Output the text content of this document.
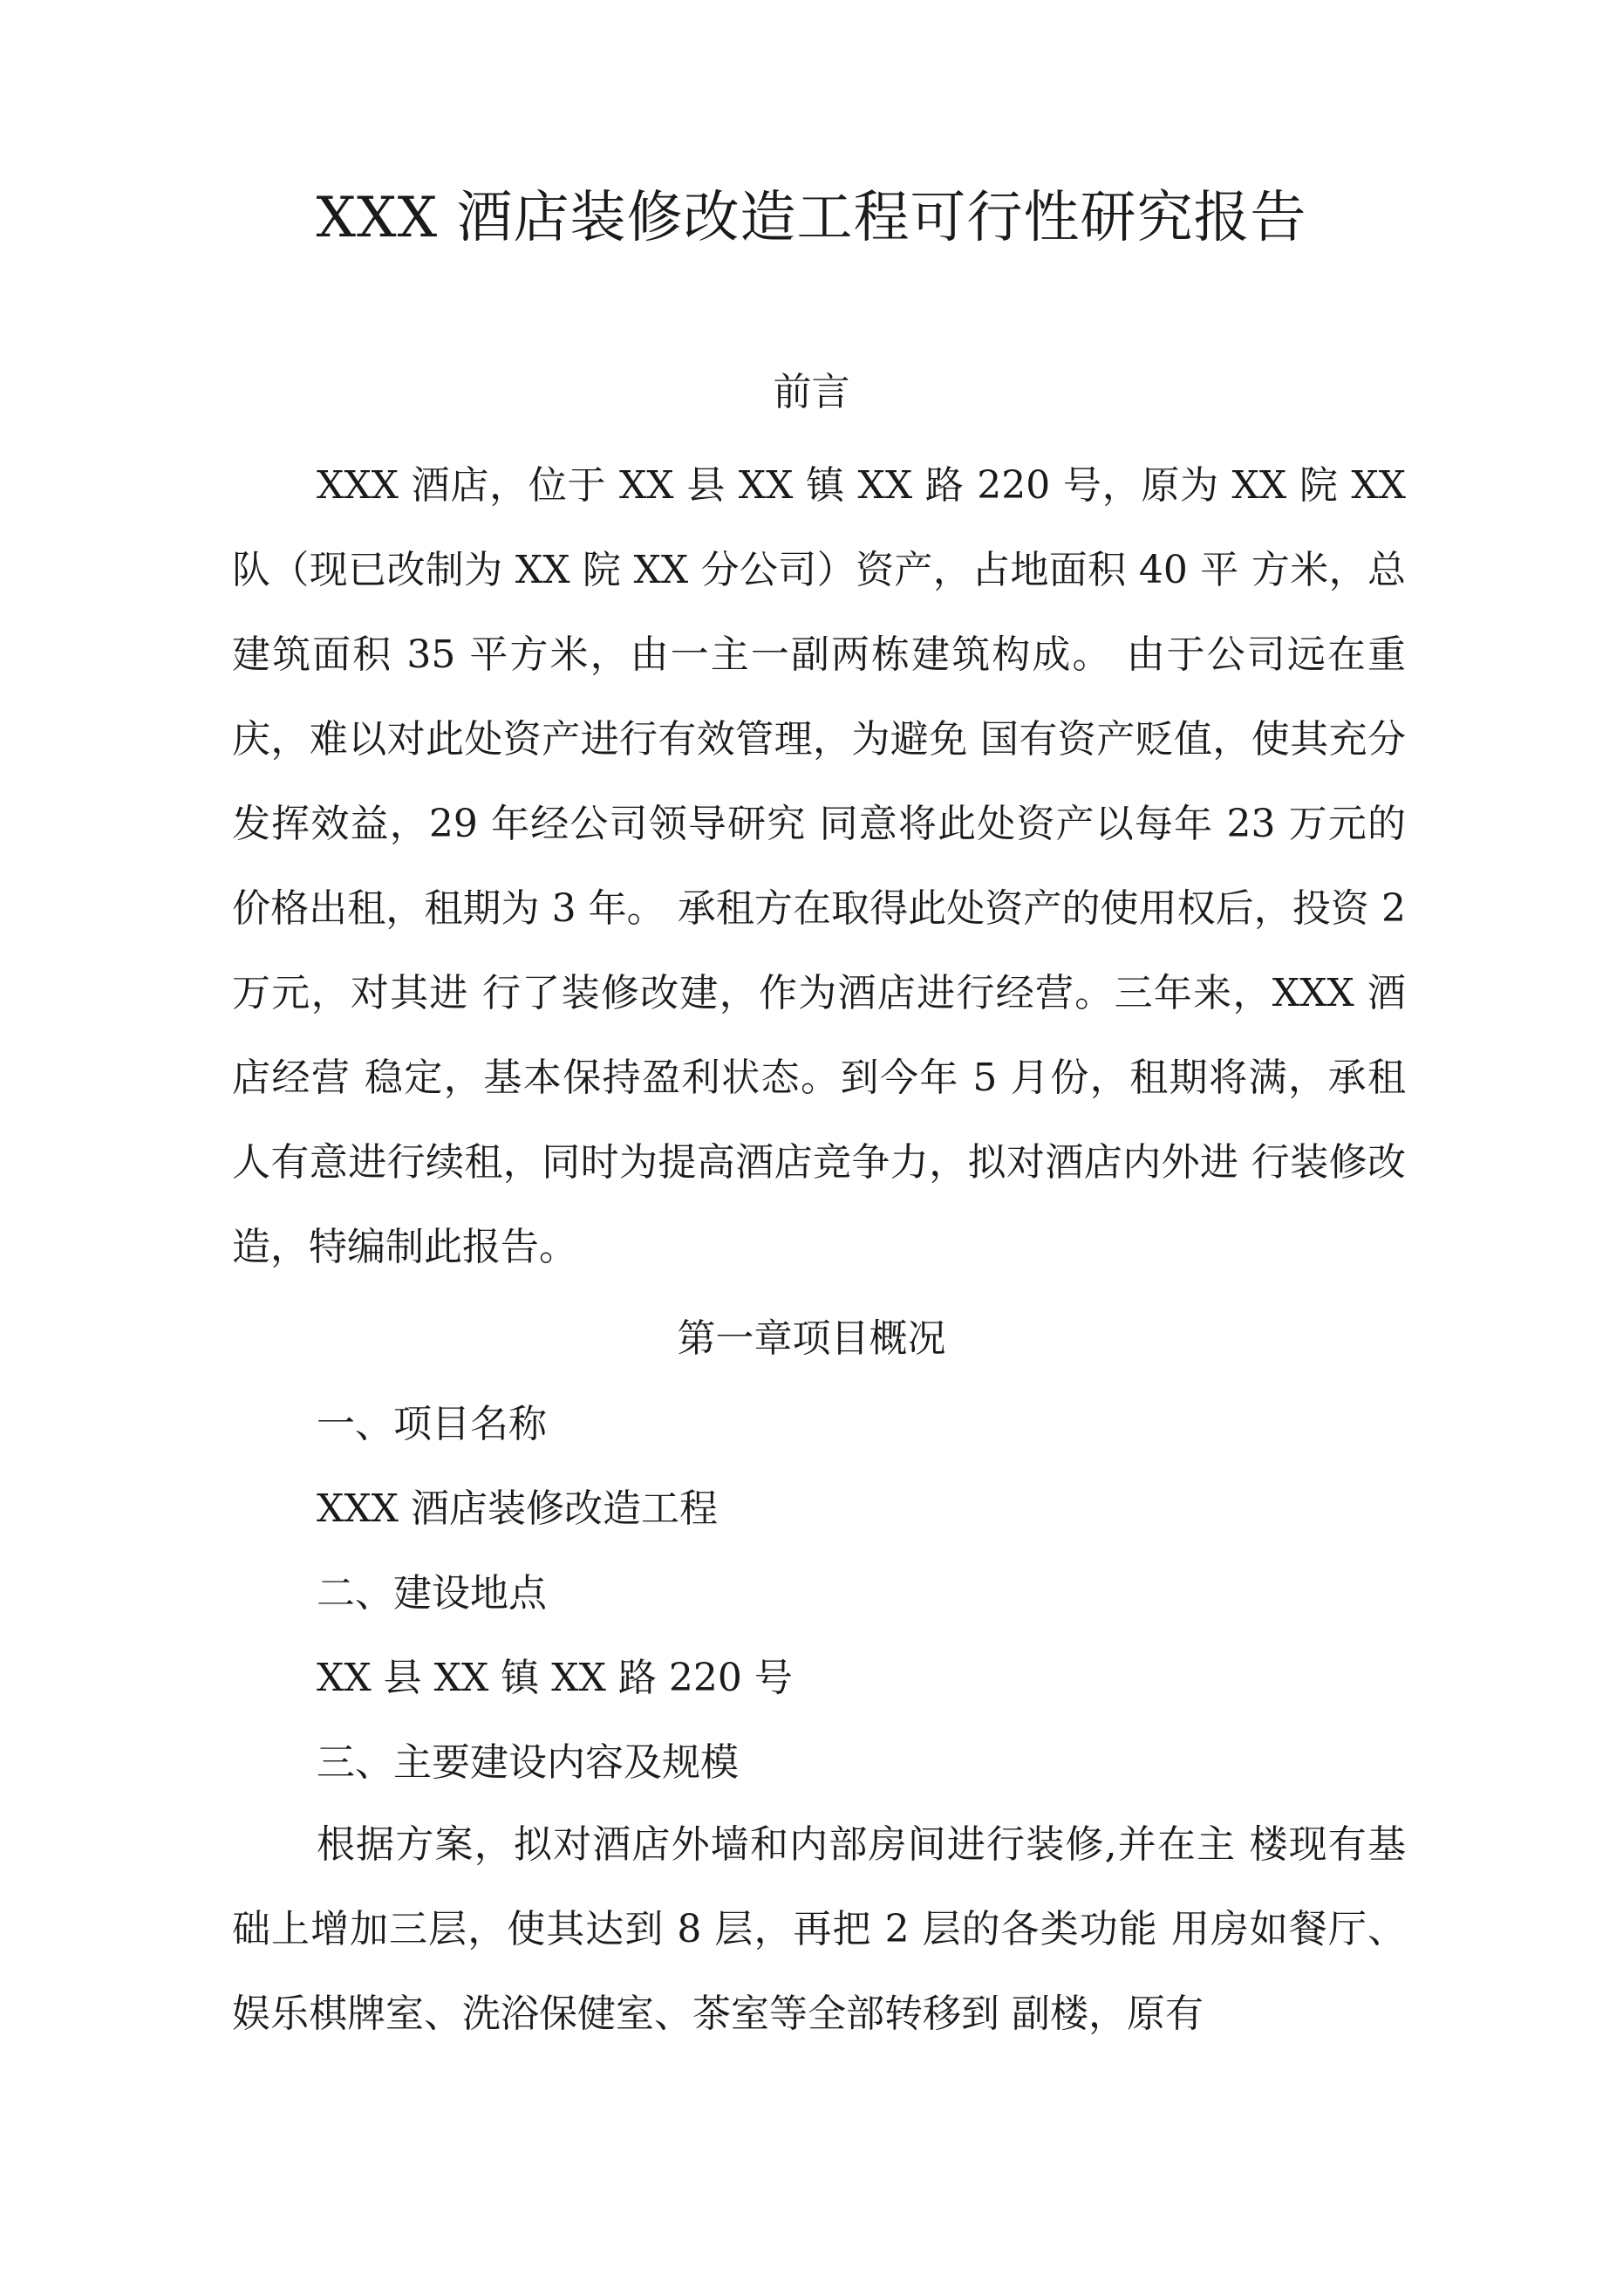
XXX 酒店装修改造工程可行性研究报告
前言

XXX 酒店，位于 XX 县 XX 镇 XX 路 220 号，原为 XX 院 XX 队（现已改制为 XX 院 XX 分公司）资产，占地面积 40 平 方米，总建筑面积 35 平方米，由一主一副两栋建筑构成。 由于公司远在重庆，难以对此处资产进行有效管理，为避免 国有资产贬值，使其充分发挥效益，29 年经公司领导研究 同意将此处资产以每年 23 万元的价格出租，租期为 3 年。 承租方在取得此处资产的使用权后，投资 2 万元，对其进 行了装修改建，作为酒店进行经营。三年来，XXX 酒店经营 稳定，基本保持盈利状态。到今年 5 月份，租期将满，承租 人有意进行续租，同时为提高酒店竞争力，拟对酒店内外进 行装修改造，特编制此报告。

第一章项目概况

一、项目名称

XXX 酒店装修改造工程

二、建设地点

XX 县 XX 镇 XX 路 220 号

三、主要建设内容及规模

根据方案，拟对酒店外墙和内部房间进行装修,并在主 楼现有基础上增加三层，使其达到 8 层，再把 2 层的各类功能 用房如餐厅、娱乐棋牌室、洗浴保健室、茶室等全部转移到 副楼，原有
